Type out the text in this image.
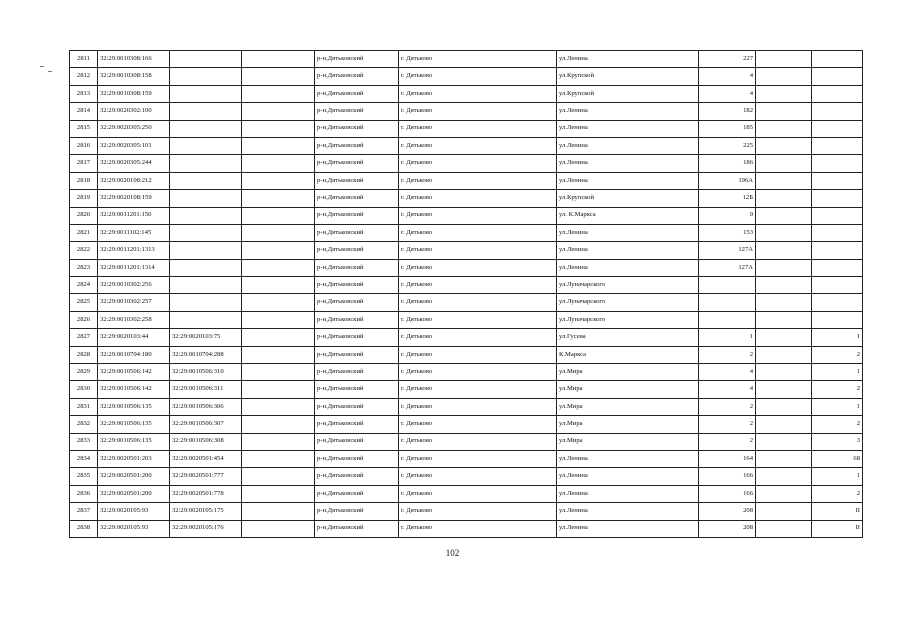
2811	32:29:0010308:166			р-н.Дятьковский	г. Дятьково	ул.Ленина	227		
2812	32:29:0010308:158			р-н.Дятьковский	г. Дятьково	ул.Крупской	4		
2813	32:29:0010308:159			р-н.Дятьковский	г. Дятьково	ул.Крупской	4		
2814	32:29:0020302:100			р-н.Дятьковский	г. Дятьково	ул.Ленина	182		
2815	32:29:0020305:250			р-н.Дятьковский	г. Дятьково	ул.Ленина	185		
2816	32:29:0020305:101			р-н.Дятьковский	г. Дятьково	ул.Ленина	225		
2817	32:29:0020305:244			р-н.Дятьковский	г. Дятьково	ул.Ленина	186		
2818	32:29:0020108:212			р-н.Дятьковский	г. Дятьково	ул.Ленина	196А		
2819	32:29:0020108:159			р-н.Дятьковский	г. Дятьково	ул.Крупской	12Б		
2820	32:29:0011201:150			р-н.Дятьковский	г. Дятьково	ул. К.Маркса	9		
2821	32:29:0011102:145			р-н.Дятьковский	г. Дятьково	ул.Ленина	153		
2822	32:29:0011201:1313			р-н.Дятьковский	г. Дятьково	ул.Ленина	127А		
2823	32:29:0011201:1314			р-н.Дятьковский	г. Дятьково	ул.Ленина	127А		
2824	32:29:0010302:256			р-н.Дятьковский	г. Дятьково	ул.Луначарского			
2825	32:29:0010302:257			р-н.Дятьковский	г. Дятьково	ул.Луначарского			
2826	32:29:0010302:258			р-н.Дятьковский	г. Дятьково	ул.Луначарского			
2827	32:29:0020103:44	32:29:0020103:75		р-н.Дятьковский	г. Дятьково	ул.Гусева	1		1
2828	32:29:0010704:180	32:29:0010704:288		р-н.Дятьковский	г. Дятьково	К.Маркса	2		2
2829	32:29:0010506:142	32:29:0010506:310		р-н.Дятьковский	г. Дятьково	ул.Мира	4		1
2830	32:29:0010506:142	32:29:0010506:311		р-н.Дятьковский	г. Дятьково	ул.Мира	4		2
2831	32:29:0010506:135	32:29:0010506:306		р-н.Дятьковский	г. Дятьково	ул.Мира	2		1
2832	32:29:0010506:135	32:29:0010506:307		р-н.Дятьковский	г. Дятьково	ул.Мира	2		2
2833	32:29:0010506:135	32:29:0010506:308		р-н.Дятьковский	г. Дятьково	ул.Мира	2		3
2834	32:29:0020501:203	32:29:0020501:454		р-н.Дятьковский	г. Дятьково	ул.Ленина	164		68
2835	32:29:0020501:200	32:29:0020501:777		р-н.Дятьковский	г. Дятьково	ул.Ленина	166		1
2836	32:29:0020501:200	32:29:0020501:778		р-н.Дятьковский	г. Дятьково	ул.Ленина	166		2
2837	32:29:0020105:93	32:29:0020105:175		р-н.Дятьковский	г. Дятьково	ул.Ленина	208		II
2838	32:29:0020105:93	32:29:0020105:176		р-н.Дятьковский	г. Дятьково	ул.Ленина	208		II
102
